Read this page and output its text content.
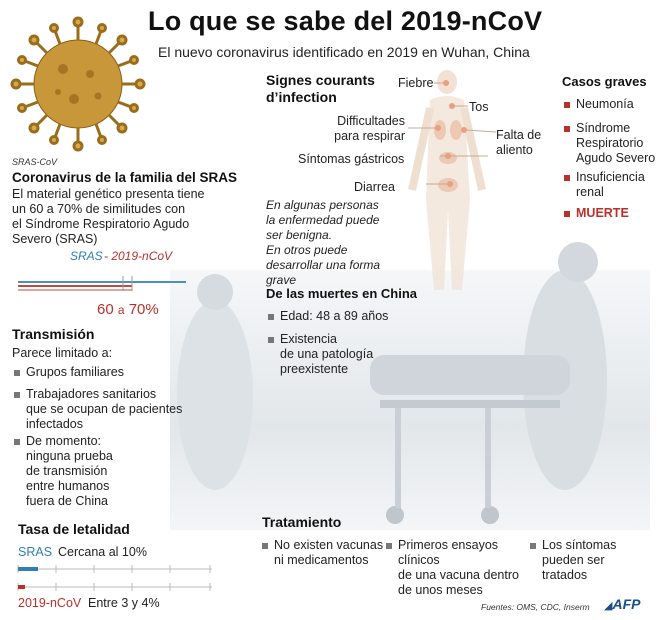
SRAS-CoV
Lo que se sabe del 2019-nCoV
El nuevo coronavirus identificado en 2019 en Wuhan, China
Coronavirus de la familia del SRAS
El material genético presenta tiene
un 60 a 70% de similitudes con
el Síndrome Respiratorio Agudo
Severo (SRAS)
SRAS - 2019-nCoV
60 a 70%
Transmisión
Parece limitado a:
Grupos familiares
Trabajadores sanitarios
que se ocupan de pacientes
infectados
De momento:
ninguna prueba
de transmisión
entre humanos
fuera de China
Tasa de letalidad
SRAS Cercana al 10%
2019-nCoV Entre 3 y 4%
Signes courants
d’infection
Fiebre
Tos
Difficultades
para respirar	Falta de
aliento
Síntomas gástricos
Diarrea
En algunas personas
la enfermedad puede
ser benigna.
En otros puede
desarrollar una forma
grave
De las muertes en China
Edad: 48 a 89 años
Existencia
de una patología
preexistente
Casos graves
Neumonía
Síndrome
Respiratorio
Agudo Severo
Insuficiencia
renal
MUERTE
Tratamiento
No existen vacunas
ni medicamentos
Primeros ensayos
clínicos
de una vacuna dentro
de unos meses
Los síntomas
pueden ser
tratados
Fuentes: OMS, CDC, Inserm ◢AFP
